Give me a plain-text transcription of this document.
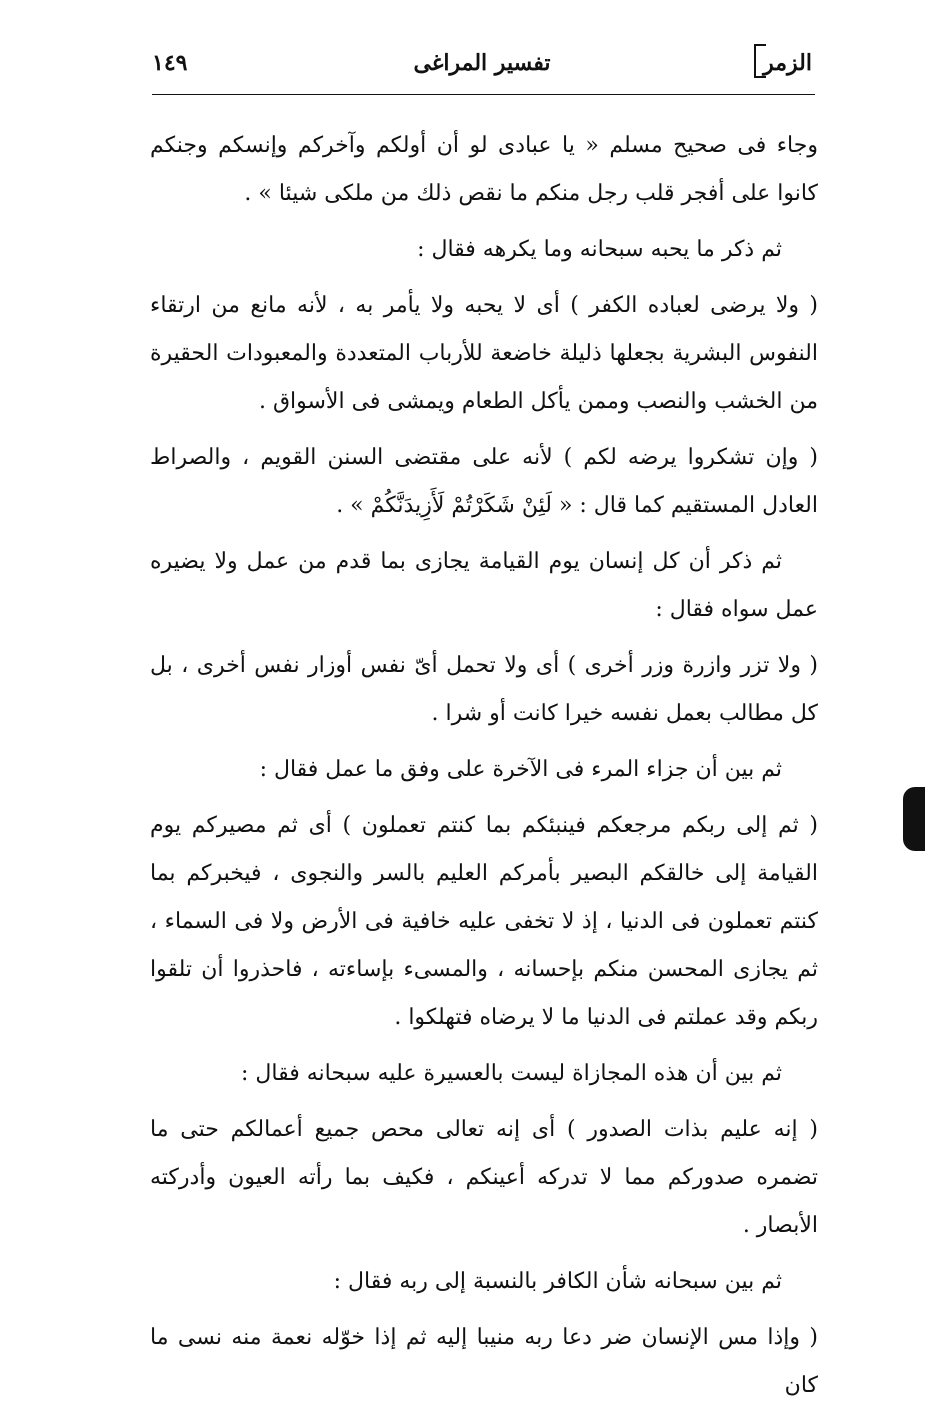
الزمر
تفسير المراغى
١٤٩

وجاء فى صحيح مسلم « يا عبادى لو أن أولكم وآخركم وإنسكم وجنكم كانوا على أفجر قلب رجل منكم ما نقص ذلك من ملكى شيئا » .

ثم ذكر ما يحبه سبحانه وما يكرهه فقال :

( ولا يرضى لعباده الكفر ) أى لا يحبه ولا يأمر به ، لأنه مانع من ارتقاء النفوس البشرية بجعلها ذليلة خاضعة للأرباب المتعددة والمعبودات الحقيرة من الخشب والنصب وممن يأكل الطعام ويمشى فى الأسواق .

( وإن تشكروا يرضه لكم ) لأنه على مقتضى السنن القويم ، والصراط العادل المستقيم كما قال : « لَئِنْ شَكَرْتُمْ لَأَزِيدَنَّكُمْ » .

ثم ذكر أن كل إنسان يوم القيامة يجازى بما قدم من عمل ولا يضيره عمل سواه فقال :

( ولا تزر وازرة وزر أخرى ) أى ولا تحمل أىّ نفس أوزار نفس أخرى ، بل كل مطالب بعمل نفسه خيرا كانت أو شرا .

ثم بين أن جزاء المرء فى الآخرة على وفق ما عمل فقال :

( ثم إلى ربكم مرجعكم فينبئكم بما كنتم تعملون ) أى ثم مصيركم يوم القيامة إلى خالقكم البصير بأمركم العليم بالسر والنجوى ، فيخبركم بما كنتم تعملون فى الدنيا ، إذ لا تخفى عليه خافية فى الأرض ولا فى السماء ، ثم يجازى المحسن منكم بإحسانه ، والمسىء بإساءته ، فاحذروا أن تلقوا ربكم وقد عملتم فى الدنيا ما لا يرضاه فتهلكوا .

ثم بين أن هذه المجازاة ليست بالعسيرة عليه سبحانه فقال :

( إنه عليم بذات الصدور ) أى إنه تعالى محص جميع أعمالكم حتى ما تضمره صدوركم مما لا تدركه أعينكم ، فكيف بما رأته العيون وأدركته الأبصار .

ثم بين سبحانه شأن الكافر بالنسبة إلى ربه فقال :

( وإذا مس الإنسان ضر دعا ربه منيبا إليه ثم إذا خوّله نعمة منه نسى ما كان
